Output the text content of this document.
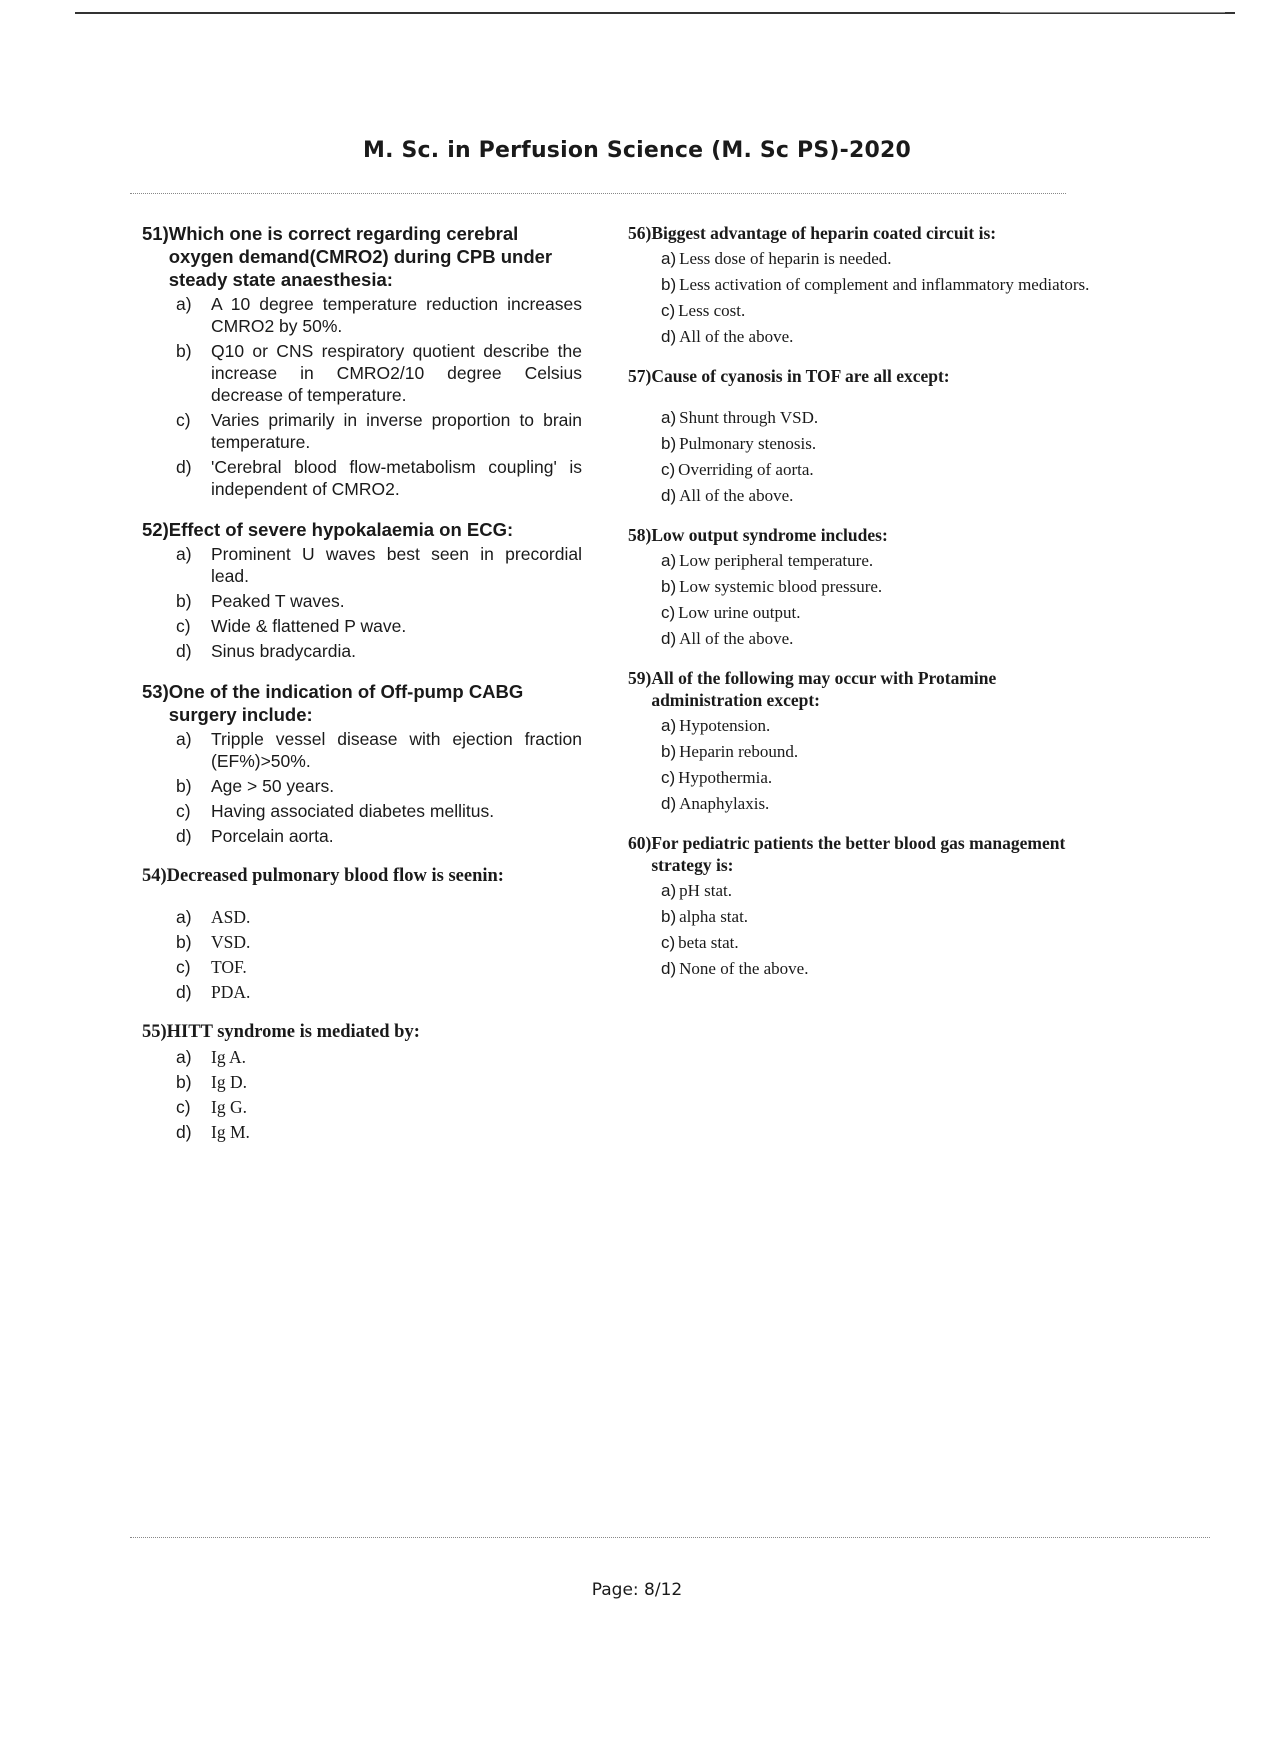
M. Sc. in Perfusion Science (M. Sc PS)-2020
51) Which one is correct regarding cerebral oxygen demand(CMRO2) during CPB under steady state anaesthesia:
a)	A 10 degree temperature reduction increases CMRO2 by 50%.
b)	Q10 or CNS respiratory quotient describe the increase in CMRO2/10 degree Celsius decrease of temperature.
c)	Varies primarily in inverse proportion to brain temperature.
d)	'Cerebral blood flow-metabolism coupling' is independent of CMRO2.
52) Effect of severe hypokalaemia on ECG:
a)	Prominent U waves best seen in precordial lead.
b)	Peaked T waves.
c)	Wide & flattened P wave.
d)	Sinus bradycardia.
53) One of the indication of Off-pump CABG surgery include:
a)	Tripple vessel disease with ejection fraction (EF%)>50%.
b)	Age > 50 years.
c)	Having associated diabetes mellitus.
d)	Porcelain aorta.
54) Decreased pulmonary blood flow is seenin:
a)	ASD.
b)	VSD.
c)	TOF.
d)	PDA.
55) HITT syndrome is mediated by:
a)	Ig A.
b)	Ig D.
c)	Ig G.
d)	Ig M.
56) Biggest advantage of heparin coated circuit is:
a) Less dose of heparin is needed.
b) Less activation of complement and inflammatory mediators.
c) Less cost.
d) All of the above.
57) Cause of cyanosis in TOF are all except:
a) Shunt through VSD.
b) Pulmonary stenosis.
c) Overriding of aorta.
d) All of the above.
58) Low output syndrome includes:
a) Low peripheral temperature.
b) Low systemic blood pressure.
c) Low urine output.
d) All of the above.
59) All of the following may occur with Protamine administration except:
a) Hypotension.
b) Heparin rebound.
c) Hypothermia.
d) Anaphylaxis.
60) For pediatric patients the better blood gas management strategy is:
a) pH stat.
b) alpha stat.
c) beta stat.
d) None of the above.
Page: 8/12
